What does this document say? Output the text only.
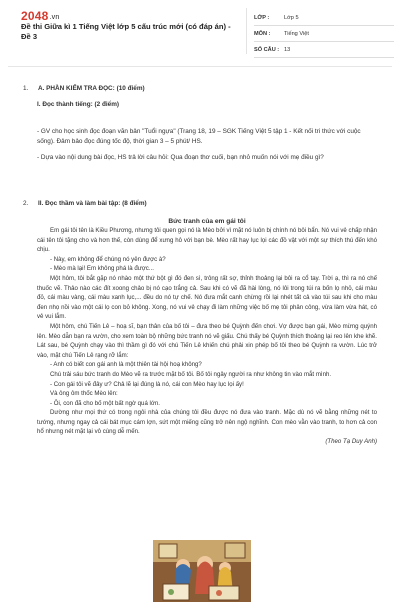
2048.vn
Đề thi Giữa kì 1 Tiếng Việt lớp 5 cấu trúc mới (có đáp án) - Đề 3
LỚP :	Lớp 5
MÔN : Tiếng Việt
SỐ CÂU : 13
1. A. PHẦN KIỂM TRA ĐỌC: (10 điểm)
I. Đọc thành tiếng: (2 điểm)
- GV cho học sinh đọc đoạn văn bản "Tuổi ngựa" (Trang 18, 19 – SGK Tiếng Việt 5 tập 1 - Kết nối tri thức với cuộc sống). Đảm bảo đọc đúng tốc độ, thời gian 3 – 5 phút/ HS.
- Dựa vào nội dung bài đọc, HS trả lời câu hỏi: Qua đoạn thơ cuối, bạn nhỏ muốn nói với mẹ điều gì?
2. II. Đọc thầm và làm bài tập: (8 điểm)
Bức tranh của em gái tôi

Em gái tôi tên là Kiều Phương, nhưng tôi quen gọi nó là Mèo bởi vì mặt nó luôn bị chính nó bôi bẩn. Nó vui vẻ chấp nhận cái tên tôi tặng cho và hơn thế, còn dùng để xưng hô với bạn bè. Mèo rất hay lục lọi các đồ vật với một sự thích thú đến khó chịu.

- Này, em không để chúng nó yên được à?

- Mèo mà lại! Em không phá là được...

Một hôm, tôi bắt gặp nó nhào một thứ bột gì đó đen sì, trông rất sợ, thỉnh thoảng lại bôi ra cổ tay. Trời ạ, thì ra nó chế thuốc vẽ. Thảo nào các đít xoong chảo bị nó cạo trắng cả. Sau khi có vẽ đã hài lòng, nó lôi trong túi ra bốn lọ nhỏ, cái màu đỏ, cái màu vàng, cái màu xanh lục,... đều do nó tự chế. Nó đưa mắt canh chừng rồi lại nhét tất cả vào túi sau khi cho màu đen nhọ nồi vào một cái lọ con bỏ không. Xong, nó vui vẻ chạy đi làm những việc bố mẹ tôi phân công, vừa làm vừa hát, có vẻ vui lắm.

Một hôm, chú Tiến Lê – hoạ sĩ, bạn thân của bố tôi – đưa theo bé Quỳnh đến chơi. Vợ được bạn gái, Mèo mừng quýnh lên. Mèo dẫn bạn ra vườn, cho xem toàn bộ những bức tranh nó vẽ giấu. Chú thấy bé Quỳnh thích thoảng lại reo lên khe khẽ. Lát sau, bé Quỳnh chạy vào thì thầm gì đó với chú Tiến Lê khiến chú phải xin phép bố tôi theo bé Quỳnh ra vườn. Lúc trở vào, mặt chú Tiến Lê rạng rỡ lắm:

- Anh có biết con gái anh là một thiên tài hội hoạ không?

Chú trải sáu bức tranh do Mèo vẽ ra trước mặt bố tôi. Bố tôi ngây người ra như không tin vào mắt mình.

- Con gái tôi vẽ đây ư? Chả lẽ lại đúng là nó, cái con Mèo hay lục lọi ấy!

Và ông ôm thốc Mèo lên:

- Ôi, con đã cho bố một bất ngờ quá lớn.

Dường như mọi thứ có trong ngôi nhà của chúng tôi đều được nó đưa vào tranh. Mặc dù nó vẽ bằng những nét to tướng, nhưng ngay cả cái bát mục cám lợn, sứt một miếng cũng trở nên ngộ nghĩnh. Con mèo vằn vào tranh, to hơn cả con hổ nhưng nét mặt lại vô cùng dễ mến.

(Theo Tạ Duy Anh)
